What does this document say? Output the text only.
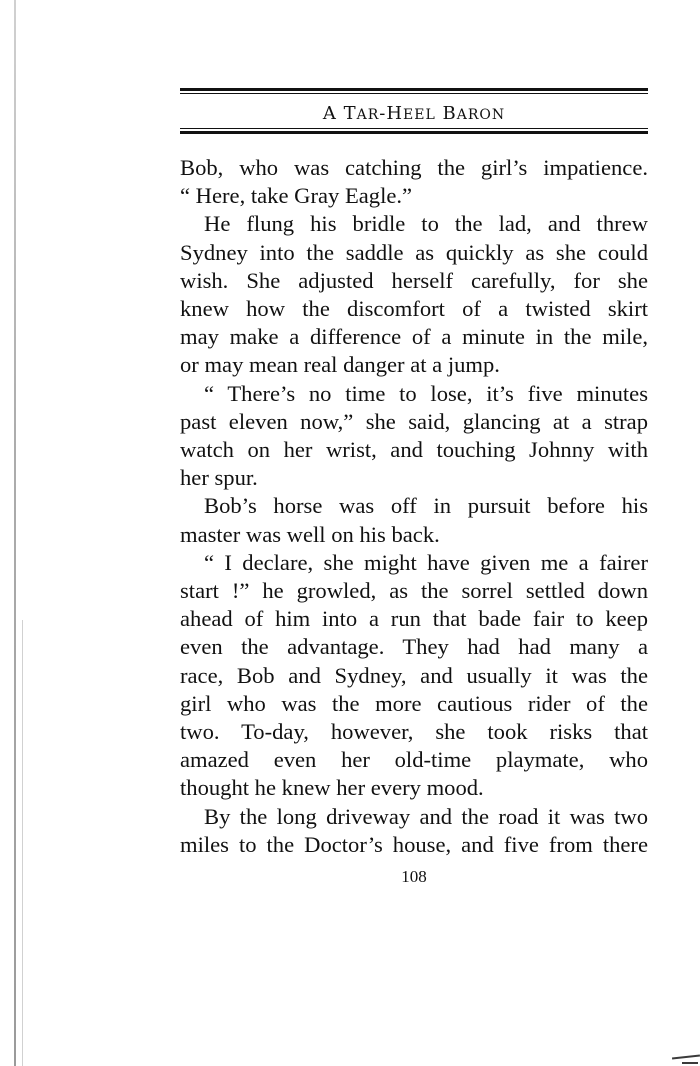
A TAR-HEEL BARON
Bob, who was catching the girl’s impatience.
“ Here, take Gray Eagle.”
He flung his bridle to the lad, and threw
Sydney into the saddle as quickly as she could
wish. She adjusted herself carefully, for she
knew how the discomfort of a twisted skirt
may make a difference of a minute in the mile,
or may mean real danger at a jump.
“ There’s no time to lose, it’s five minutes
past eleven now,” she said, glancing at a strap
watch on her wrist, and touching Johnny with
her spur.
Bob’s horse was off in pursuit before his
master was well on his back.
“ I declare, she might have given me a fairer
start !” he growled, as the sorrel settled down
ahead of him into a run that bade fair to keep
even the advantage. They had had many a
race, Bob and Sydney, and usually it was the
girl who was the more cautious rider of the
two. To-day, however, she took risks that
amazed even her old-time playmate, who
thought he knew her every mood.
By the long driveway and the road it was two
miles to the Doctor’s house, and five from there
108
